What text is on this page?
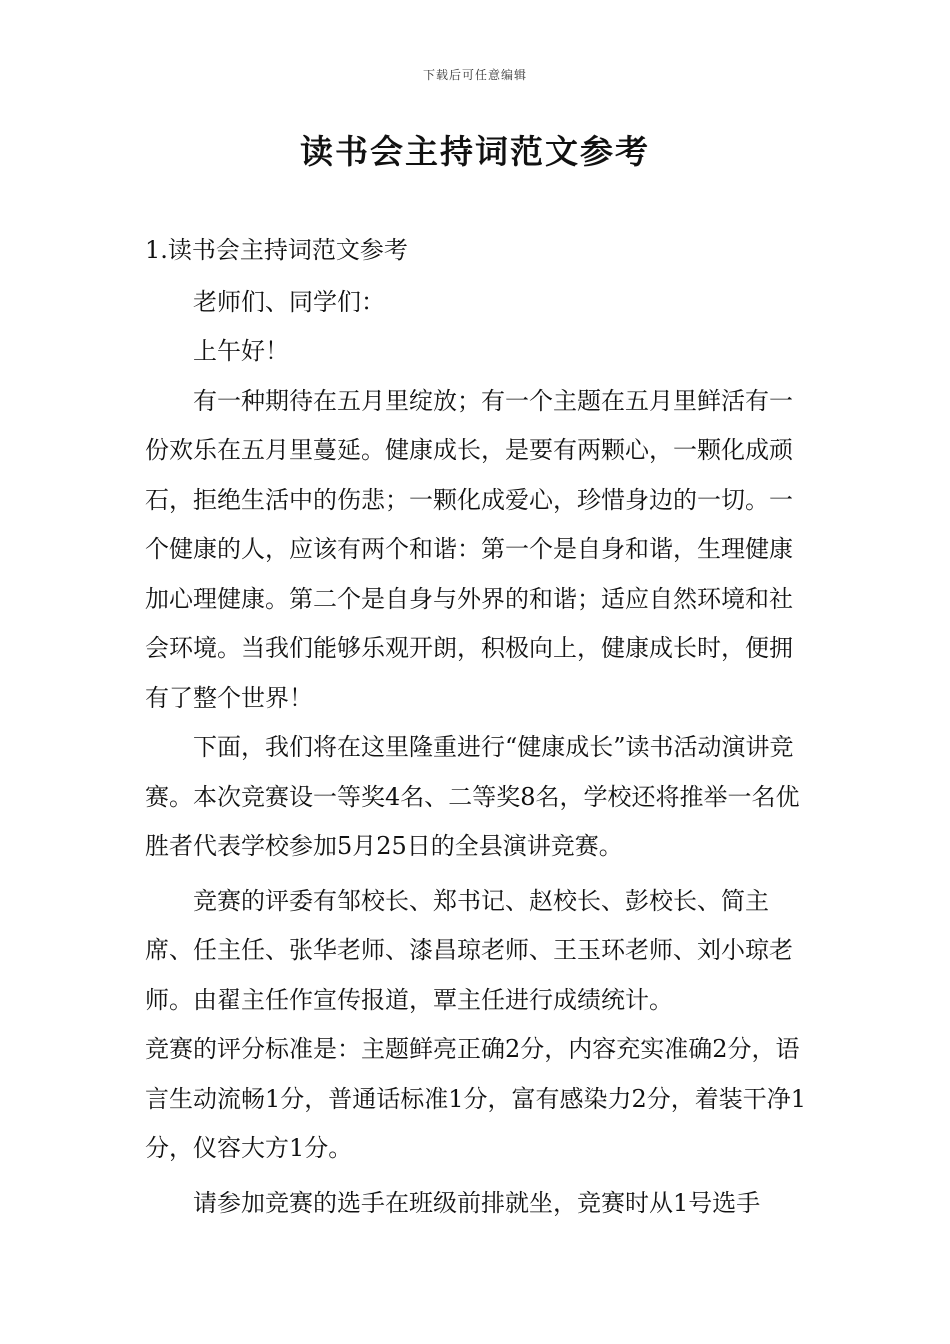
下载后可任意编辑
读书会主持词范文参考

1.读书会主持词范文参考

老师们、同学们：

上午好！

有一种期待在五月里绽放；有一个主题在五月里鲜活有一份欢乐在五月里蔓延。健康成长，是要有两颗心，一颗化成顽石，拒绝生活中的伤悲；一颗化成爱心，珍惜身边的一切。一个健康的人，应该有两个和谐：第一个是自身和谐，生理健康加心理健康。第二个是自身与外界的和谐；适应自然环境和社会环境。当我们能够乐观开朗，积极向上，健康成长时，便拥有了整个世界！

下面，我们将在这里隆重进行“健康成长”读书活动演讲竞赛。本次竞赛设一等奖4名、二等奖8名，学校还将推举一名优胜者代表学校参加5月25日的全县演讲竞赛。

竞赛的评委有邹校长、郑书记、赵校长、彭校长、简主席、任主任、张华老师、漆昌琼老师、王玉环老师、刘小琼老师。由翟主任作宣传报道，覃主任进行成绩统计。

竞赛的评分标准是：主题鲜亮正确2分，内容充实准确2分，语言生动流畅1分，普通话标准1分，富有感染力2分，着装干净1分，仪容大方1分。

请参加竞赛的选手在班级前排就坐，竞赛时从1号选手
